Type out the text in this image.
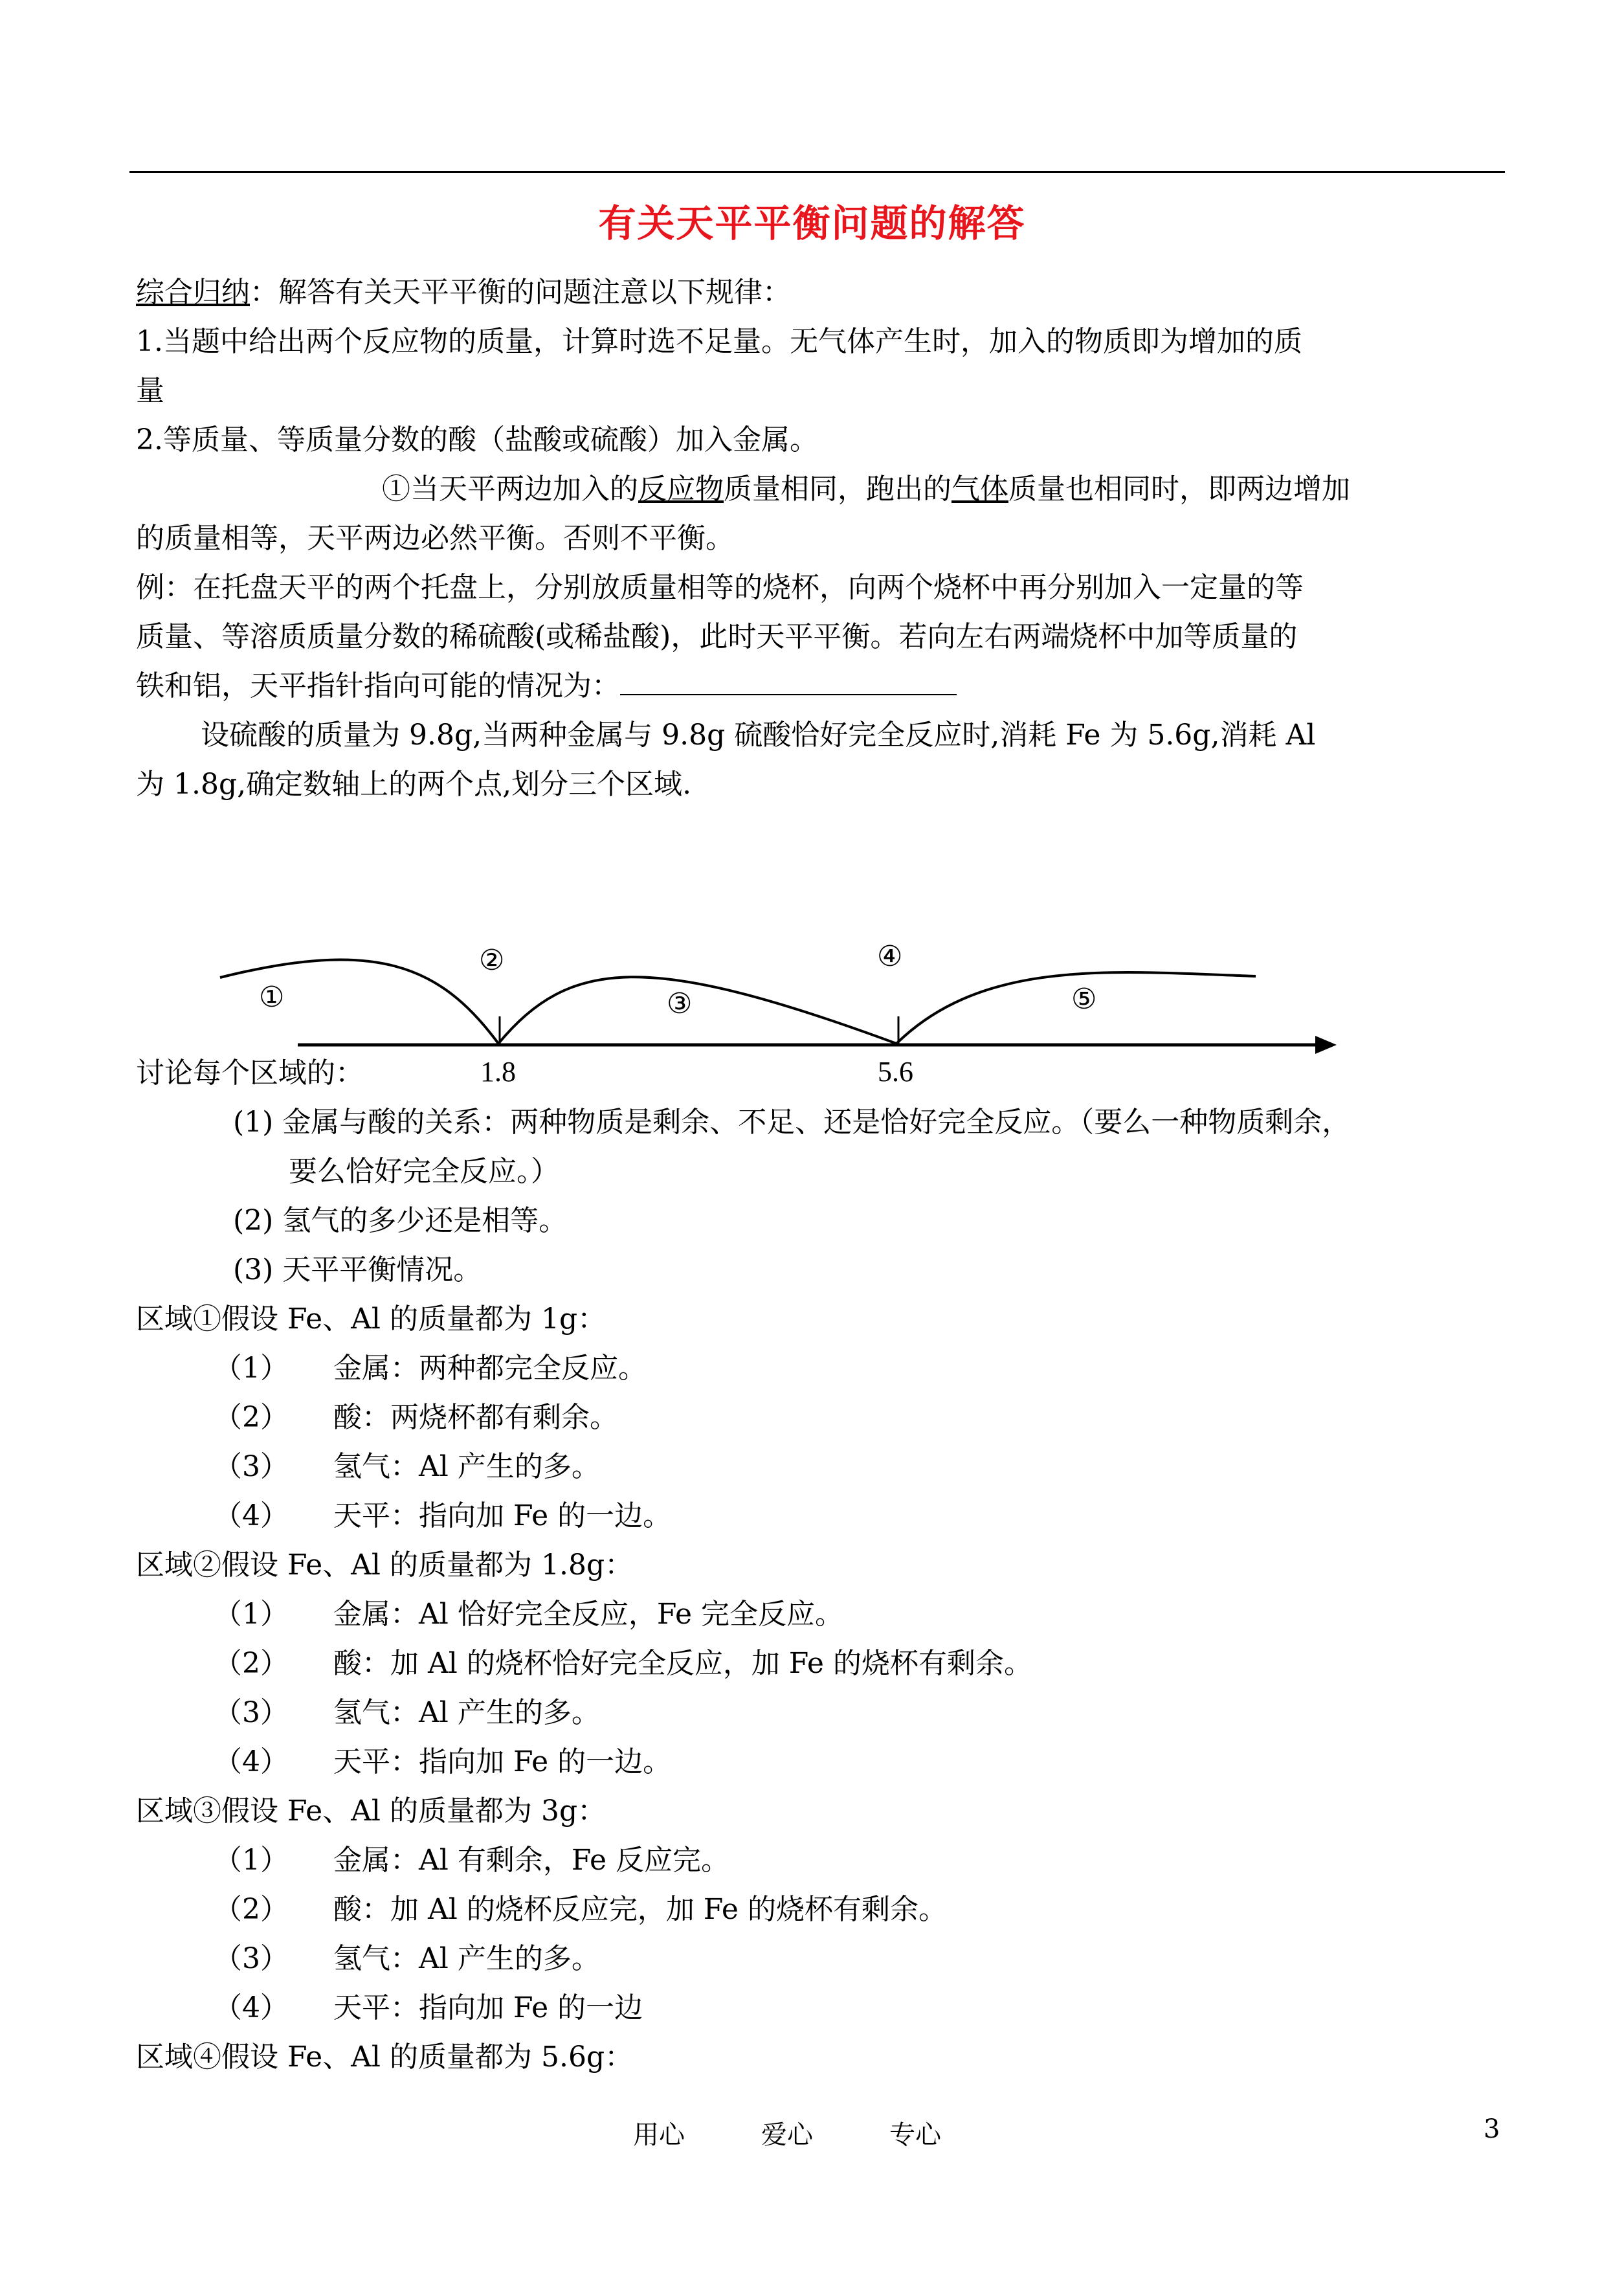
有关天平平衡问题的解答
综合归纳：解答有关天平平衡的问题注意以下规律：
1.当题中给出两个反应物的质量，计算时选不足量。无气体产生时，加入的物质即为增加的质
量
2.等质量、等质量分数的酸（盐酸或硫酸）加入金属。
①当天平两边加入的反应物质量相同，跑出的气体质量也相同时，即两边增加
的质量相等，天平两边必然平衡。否则不平衡。
例：在托盘天平的两个托盘上，分别放质量相等的烧杯，向两个烧杯中再分别加入一定量的等
质量、等溶质质量分数的稀硫酸(或稀盐酸)，此时天平平衡。若向左右两端烧杯中加等质量的
铁和铝，天平指针指向可能的情况为：
设硫酸的质量为 9.8g,当两种金属与 9.8g 硫酸恰好完全反应时,消耗 Fe 为 5.6g,消耗 Al
为 1.8g,确定数轴上的两个点,划分三个区域.
①
②
③
④
⑤
1.8	5.6
讨论每个区域的：
(1) 金属与酸的关系：两种物质是剩余、不足、还是恰好完全反应。（要么一种物质剩余，
要么恰好完全反应。）
(2) 氢气的多少还是相等。
(3) 天平平衡情况。
区域①假设 Fe、Al 的质量都为 1g：
（1） 金属：两种都完全反应。
（2） 酸：两烧杯都有剩余。
（3） 氢气：Al 产生的多。
（4） 天平：指向加 Fe 的一边。
区域②假设 Fe、Al 的质量都为 1.8g：
（1） 金属：Al 恰好完全反应，Fe 完全反应。
（2） 酸：加 Al 的烧杯恰好完全反应，加 Fe 的烧杯有剩余。
（3） 氢气：Al 产生的多。
（4） 天平：指向加 Fe 的一边。
区域③假设 Fe、Al 的质量都为 3g：
（1） 金属：Al 有剩余，Fe 反应完。
（2） 酸：加 Al 的烧杯反应完，加 Fe 的烧杯有剩余。
（3） 氢气：Al 产生的多。
（4） 天平：指向加 Fe 的一边
区域④假设 Fe、Al 的质量都为 5.6g：
用心	爱心	专心	3
